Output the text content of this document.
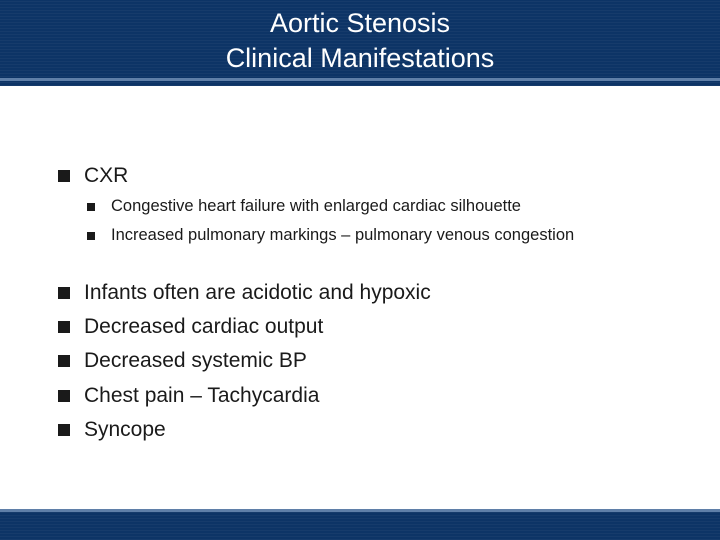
Aortic Stenosis
Clinical Manifestations
CXR
Congestive heart failure with enlarged cardiac silhouette
Increased pulmonary markings – pulmonary venous congestion
Infants often are acidotic and hypoxic
Decreased cardiac output
Decreased systemic BP
Chest pain – Tachycardia
Syncope
